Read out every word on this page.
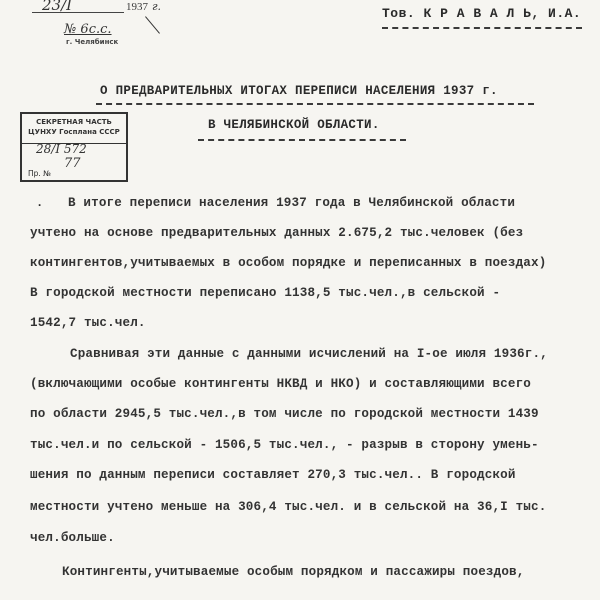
23/I	1937 г.
№ 6с.с.
г. Челябинск
Тов. К Р А В А Л Ь, И.А.
О ПРЕДВАРИТЕЛЬНЫХ ИТОГАХ ПЕРЕПИСИ НАСЕЛЕНИЯ 1937 г.
В ЧЕЛЯБИНСКОЙ ОБЛАСТИ.
СЕКРЕТНАЯ ЧАСТЬ
ЦУНХУ Госплана СССР
28/I 572
77
Пр. №
. В итоге переписи населения 1937 года в Челябинской области
учтено на основе предварительных данных 2.675,2 тыс.человек (без
контингентов,учитываемых в особом порядке и переписанных в поездах)
В городской местности переписано 1138,5 тыс.чел.,в сельской -
1542,7 тыс.чел.
Сравнивая эти данные с данными исчислений на I-ое июля 1936г.,
(включающими особые контингенты НКВД и НКО) и составляющими всего
по области 2945,5 тыс.чел.,в том числе по городской местности 1439
тыс.чел.и по сельской - 1506,5 тыс.чел., - разрыв в сторону умень-
шения по данным переписи составляет 270,3 тыс.чел.. В городской
местности учтено меньше на 306,4 тыс.чел. и в сельской на 36,I тыс.
чел.больше.
Контингенты,учитываемые особым порядком и пассажиры поездов,
